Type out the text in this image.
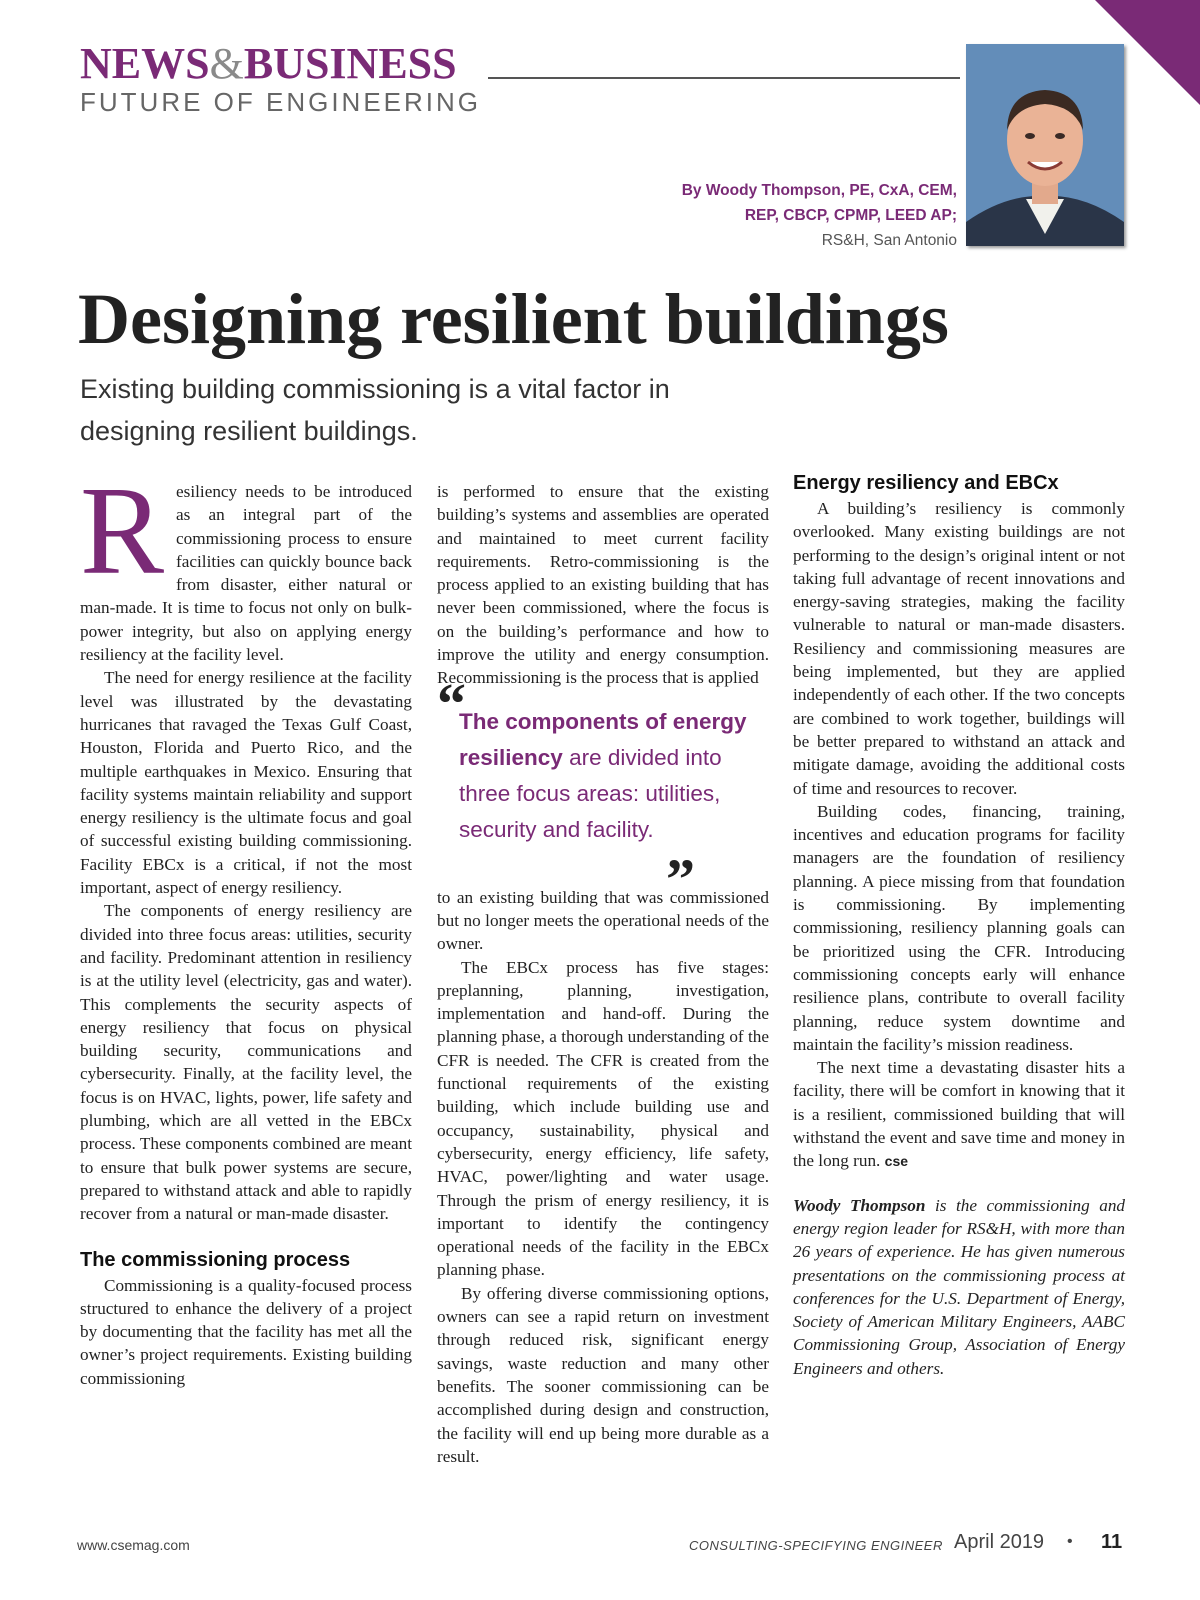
NEWS&BUSINESS
FUTURE OF ENGINEERING
By Woody Thompson, PE, CxA, CEM,
REP, CBCP, CPMP, LEED AP;
RS&H, San Antonio
Designing resilient buildings
Existing building commissioning is a vital factor in designing resilient buildings.

Resiliency needs to be introduced as an integral part of the commissioning process to ensure facilities can quickly bounce back from disaster, either natural or man-made. It is time to focus not only on bulk-power integrity, but also on applying energy resiliency at the facility level.

The need for energy resilience at the facility level was illustrated by the devastating hurricanes that ravaged the Texas Gulf Coast, Houston, Florida and Puerto Rico, and the multiple earthquakes in Mexico. Ensuring that facility systems maintain reliability and support energy resiliency is the ultimate focus and goal of successful existing building commissioning. Facility EBCx is a critical, if not the most important, aspect of energy resiliency.

The components of energy resiliency are divided into three focus areas: utilities, security and facility. Predominant attention in resiliency is at the utility level (electricity, gas and water). This complements the security aspects of energy resiliency that focus on physical building security, communications and cybersecurity. Finally, at the facility level, the focus is on HVAC, lights, power, life safety and plumbing, which are all vetted in the EBCx process. These components combined are meant to ensure that bulk power systems are secure, prepared to withstand attack and able to rapidly recover from a natural or man-made disaster.

The commissioning process

Commissioning is a quality-focused process structured to enhance the delivery of a project by documenting that the facility has met all the owner’s project requirements. Existing building commissioning

is performed to ensure that the existing building’s systems and assemblies are operated and maintained to meet current facility requirements. Retro-commissioning is the process applied to an existing building that has never been commissioned, where the focus is on the building’s performance and how to improve the utility and energy consumption. Recommissioning is the process that is applied

“
The components of energy resiliency are divided into three focus areas: utilities, security and facility.
”

to an existing building that was commissioned but no longer meets the operational needs of the owner.

The EBCx process has five stages: preplanning, planning, investigation, implementation and hand-off. During the planning phase, a thorough understanding of the CFR is needed. The CFR is created from the functional requirements of the existing building, which include building use and occupancy, sustainability, physical and cybersecurity, energy efficiency, life safety, HVAC, power/lighting and water usage. Through the prism of energy resiliency, it is important to identify the contingency operational needs of the facility in the EBCx planning phase.

By offering diverse commissioning options, owners can see a rapid return on investment through reduced risk, significant energy savings, waste reduction and many other benefits. The sooner commissioning can be accomplished during design and construction, the facility will end up being more durable as a result.

Energy resiliency and EBCx

A building’s resiliency is commonly overlooked. Many existing buildings are not performing to the design’s original intent or not taking full advantage of recent innovations and energy-saving strategies, making the facility vulnerable to natural or man-made disasters. Resiliency and commissioning measures are being implemented, but they are applied independently of each other. If the two concepts are combined to work together, buildings will be better prepared to withstand an attack and mitigate damage, avoiding the additional costs of time and resources to recover.

Building codes, financing, training, incentives and education programs for facility managers are the foundation of resiliency planning. A piece missing from that foundation is commissioning. By implementing commissioning, resiliency planning goals can be prioritized using the CFR. Introducing commissioning concepts early will enhance resilience plans, contribute to overall facility planning, reduce system downtime and maintain the facility’s mission readiness.

The next time a devastating disaster hits a facility, there will be comfort in knowing that it is a resilient, commissioned building that will withstand the event and save time and money in the long run. cse

Woody Thompson is the commissioning and energy region leader for RS&H, with more than 26 years of experience. He has given numerous presentations on the commissioning process at conferences for the U.S. Department of Energy, Society of American Military Engineers, AABC Commissioning Group, Association of Energy Engineers and others.

www.csemag.com	CONSULTING-SPECIFYING ENGINEER April 2019 • 11
